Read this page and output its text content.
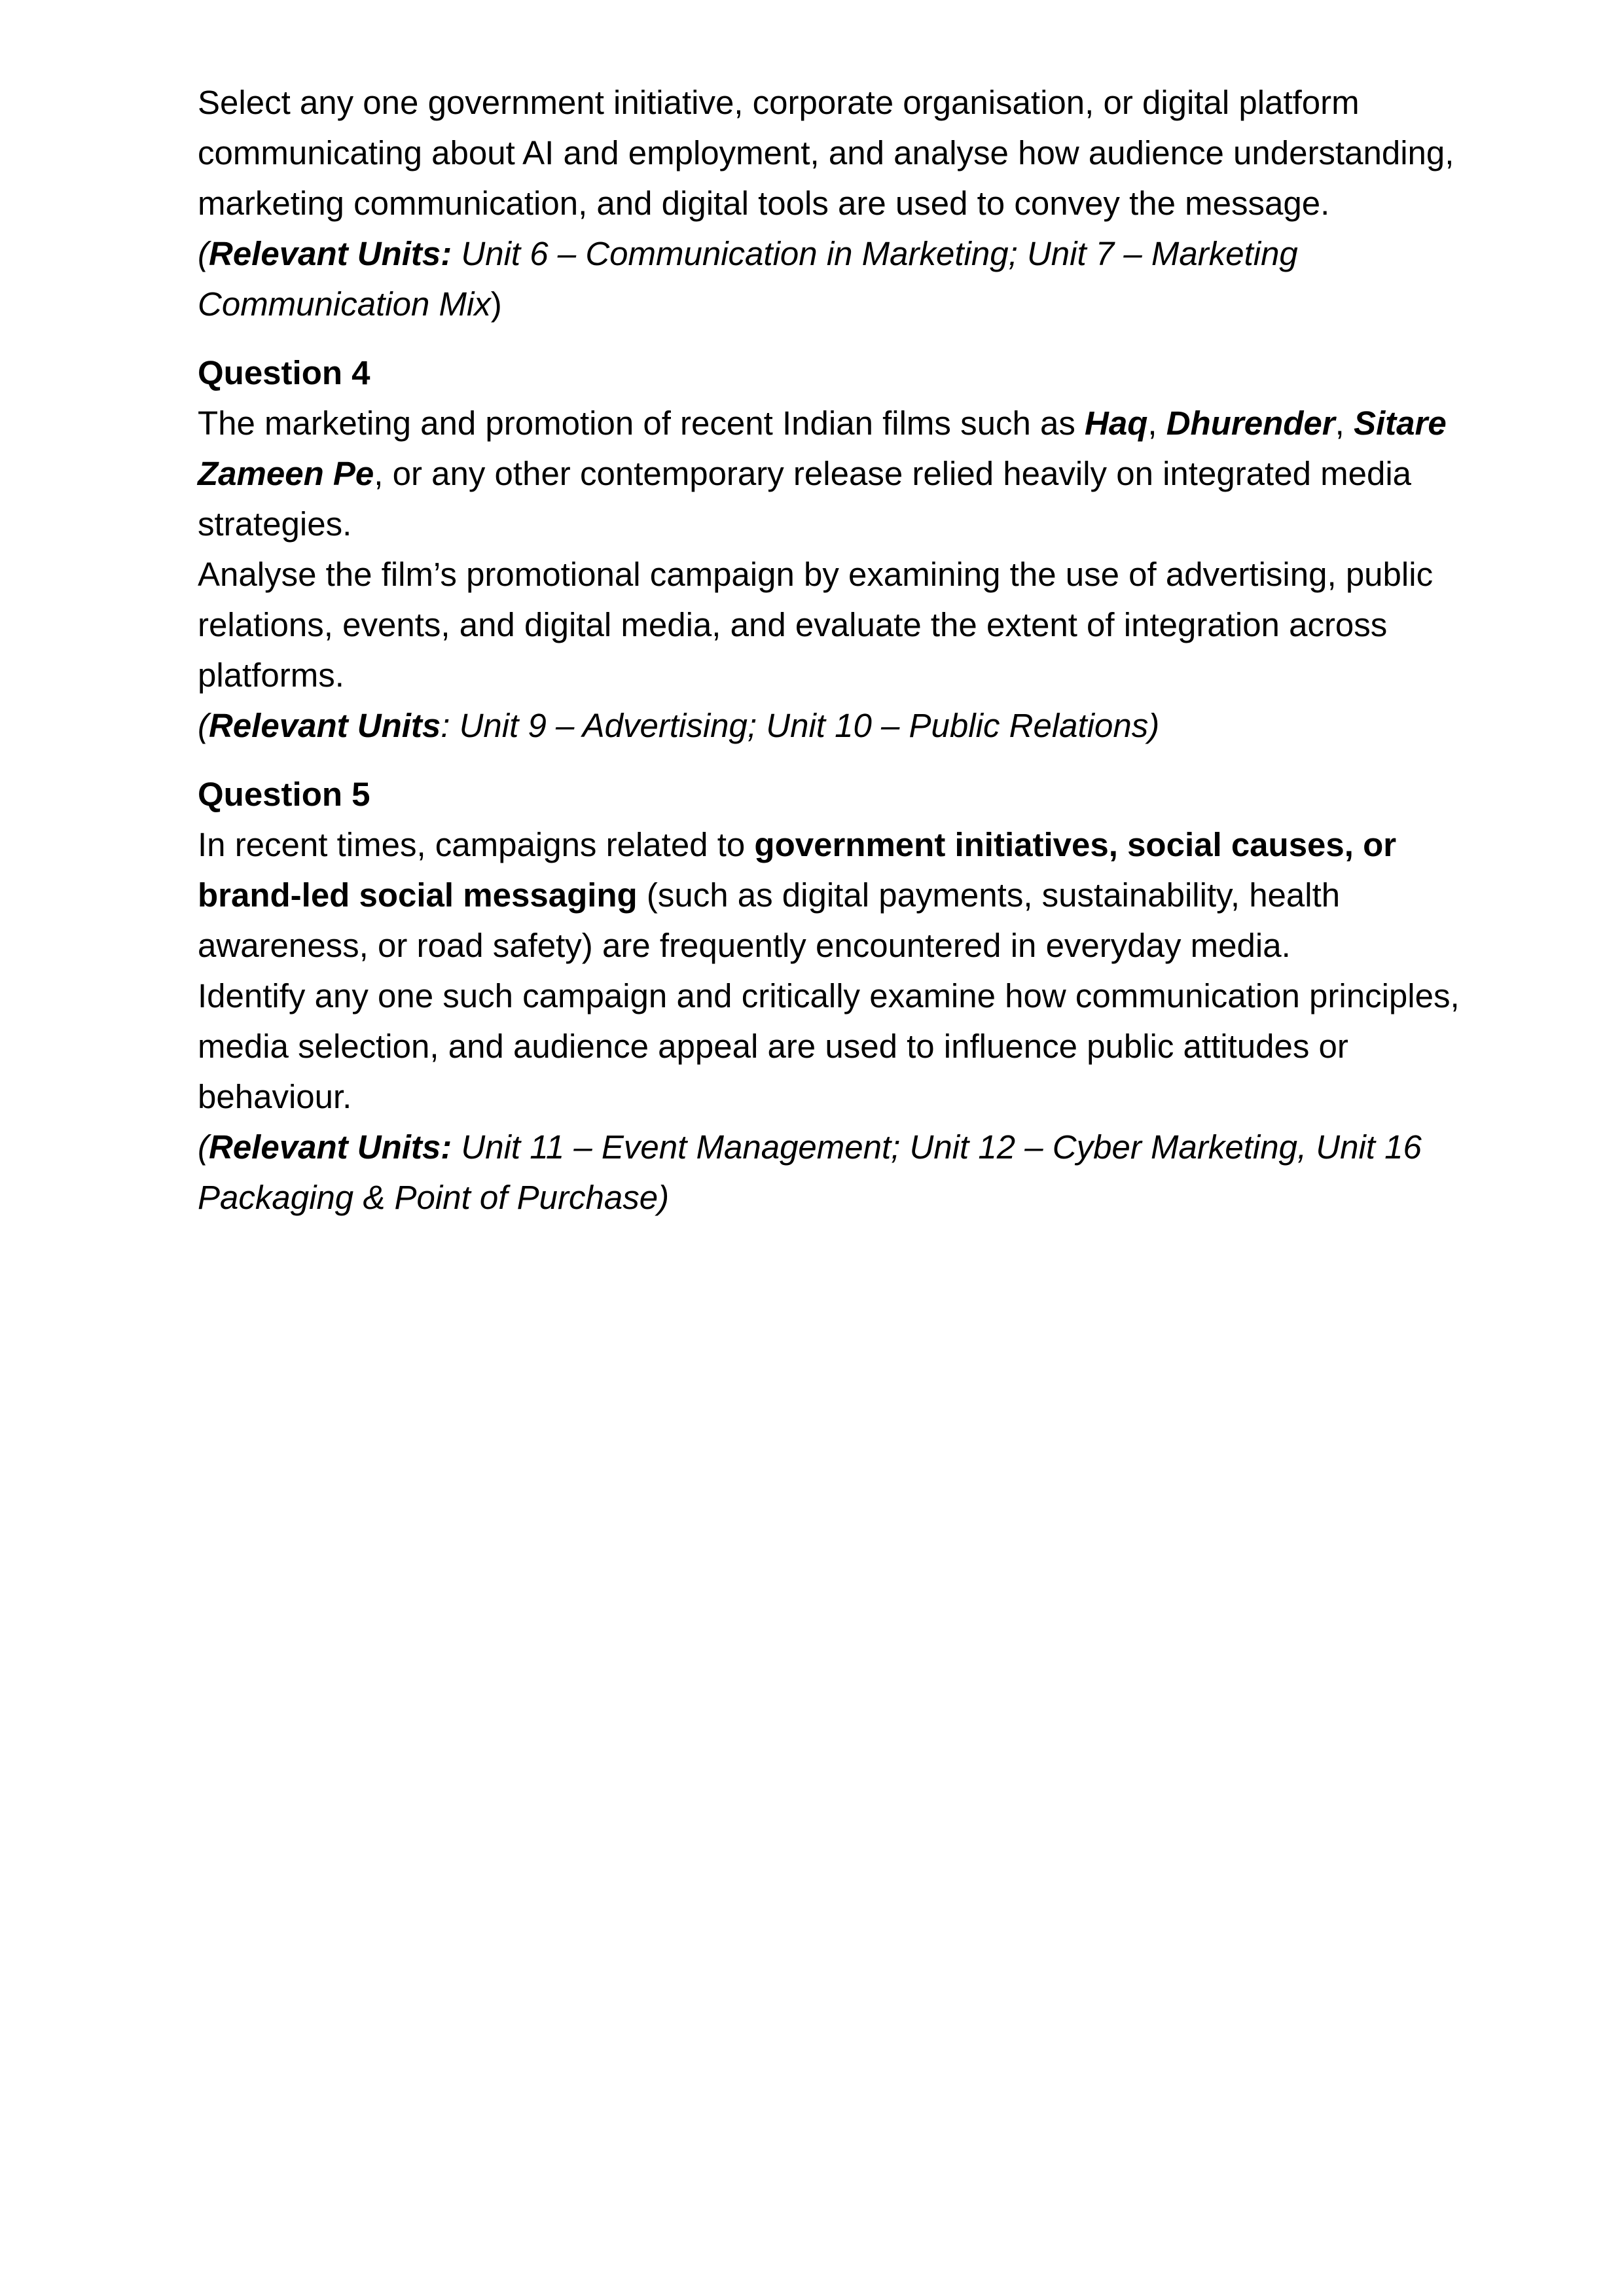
Select any one government initiative, corporate organisation, or digital platform communicating about AI and employment, and analyse how audience understanding, marketing communication, and digital tools are used to convey the message.

(Relevant Units: Unit 6 – Communication in Marketing; Unit 7 – Marketing Communication Mix)

Question 4

The marketing and promotion of recent Indian films such as Haq, Dhurender, Sitare Zameen Pe, or any other contemporary release relied heavily on integrated media strategies.

Analyse the film’s promotional campaign by examining the use of advertising, public relations, events, and digital media, and evaluate the extent of integration across platforms.

(Relevant Units: Unit 9 – Advertising; Unit 10 – Public Relations)

Question 5

In recent times, campaigns related to government initiatives, social causes, or brand-led social messaging (such as digital payments, sustainability, health awareness, or road safety) are frequently encountered in everyday media.

Identify any one such campaign and critically examine how communication principles, media selection, and audience appeal are used to influence public attitudes or behaviour.

(Relevant Units: Unit 11 – Event Management; Unit 12 – Cyber Marketing, Unit 16 Packaging & Point of Purchase)
